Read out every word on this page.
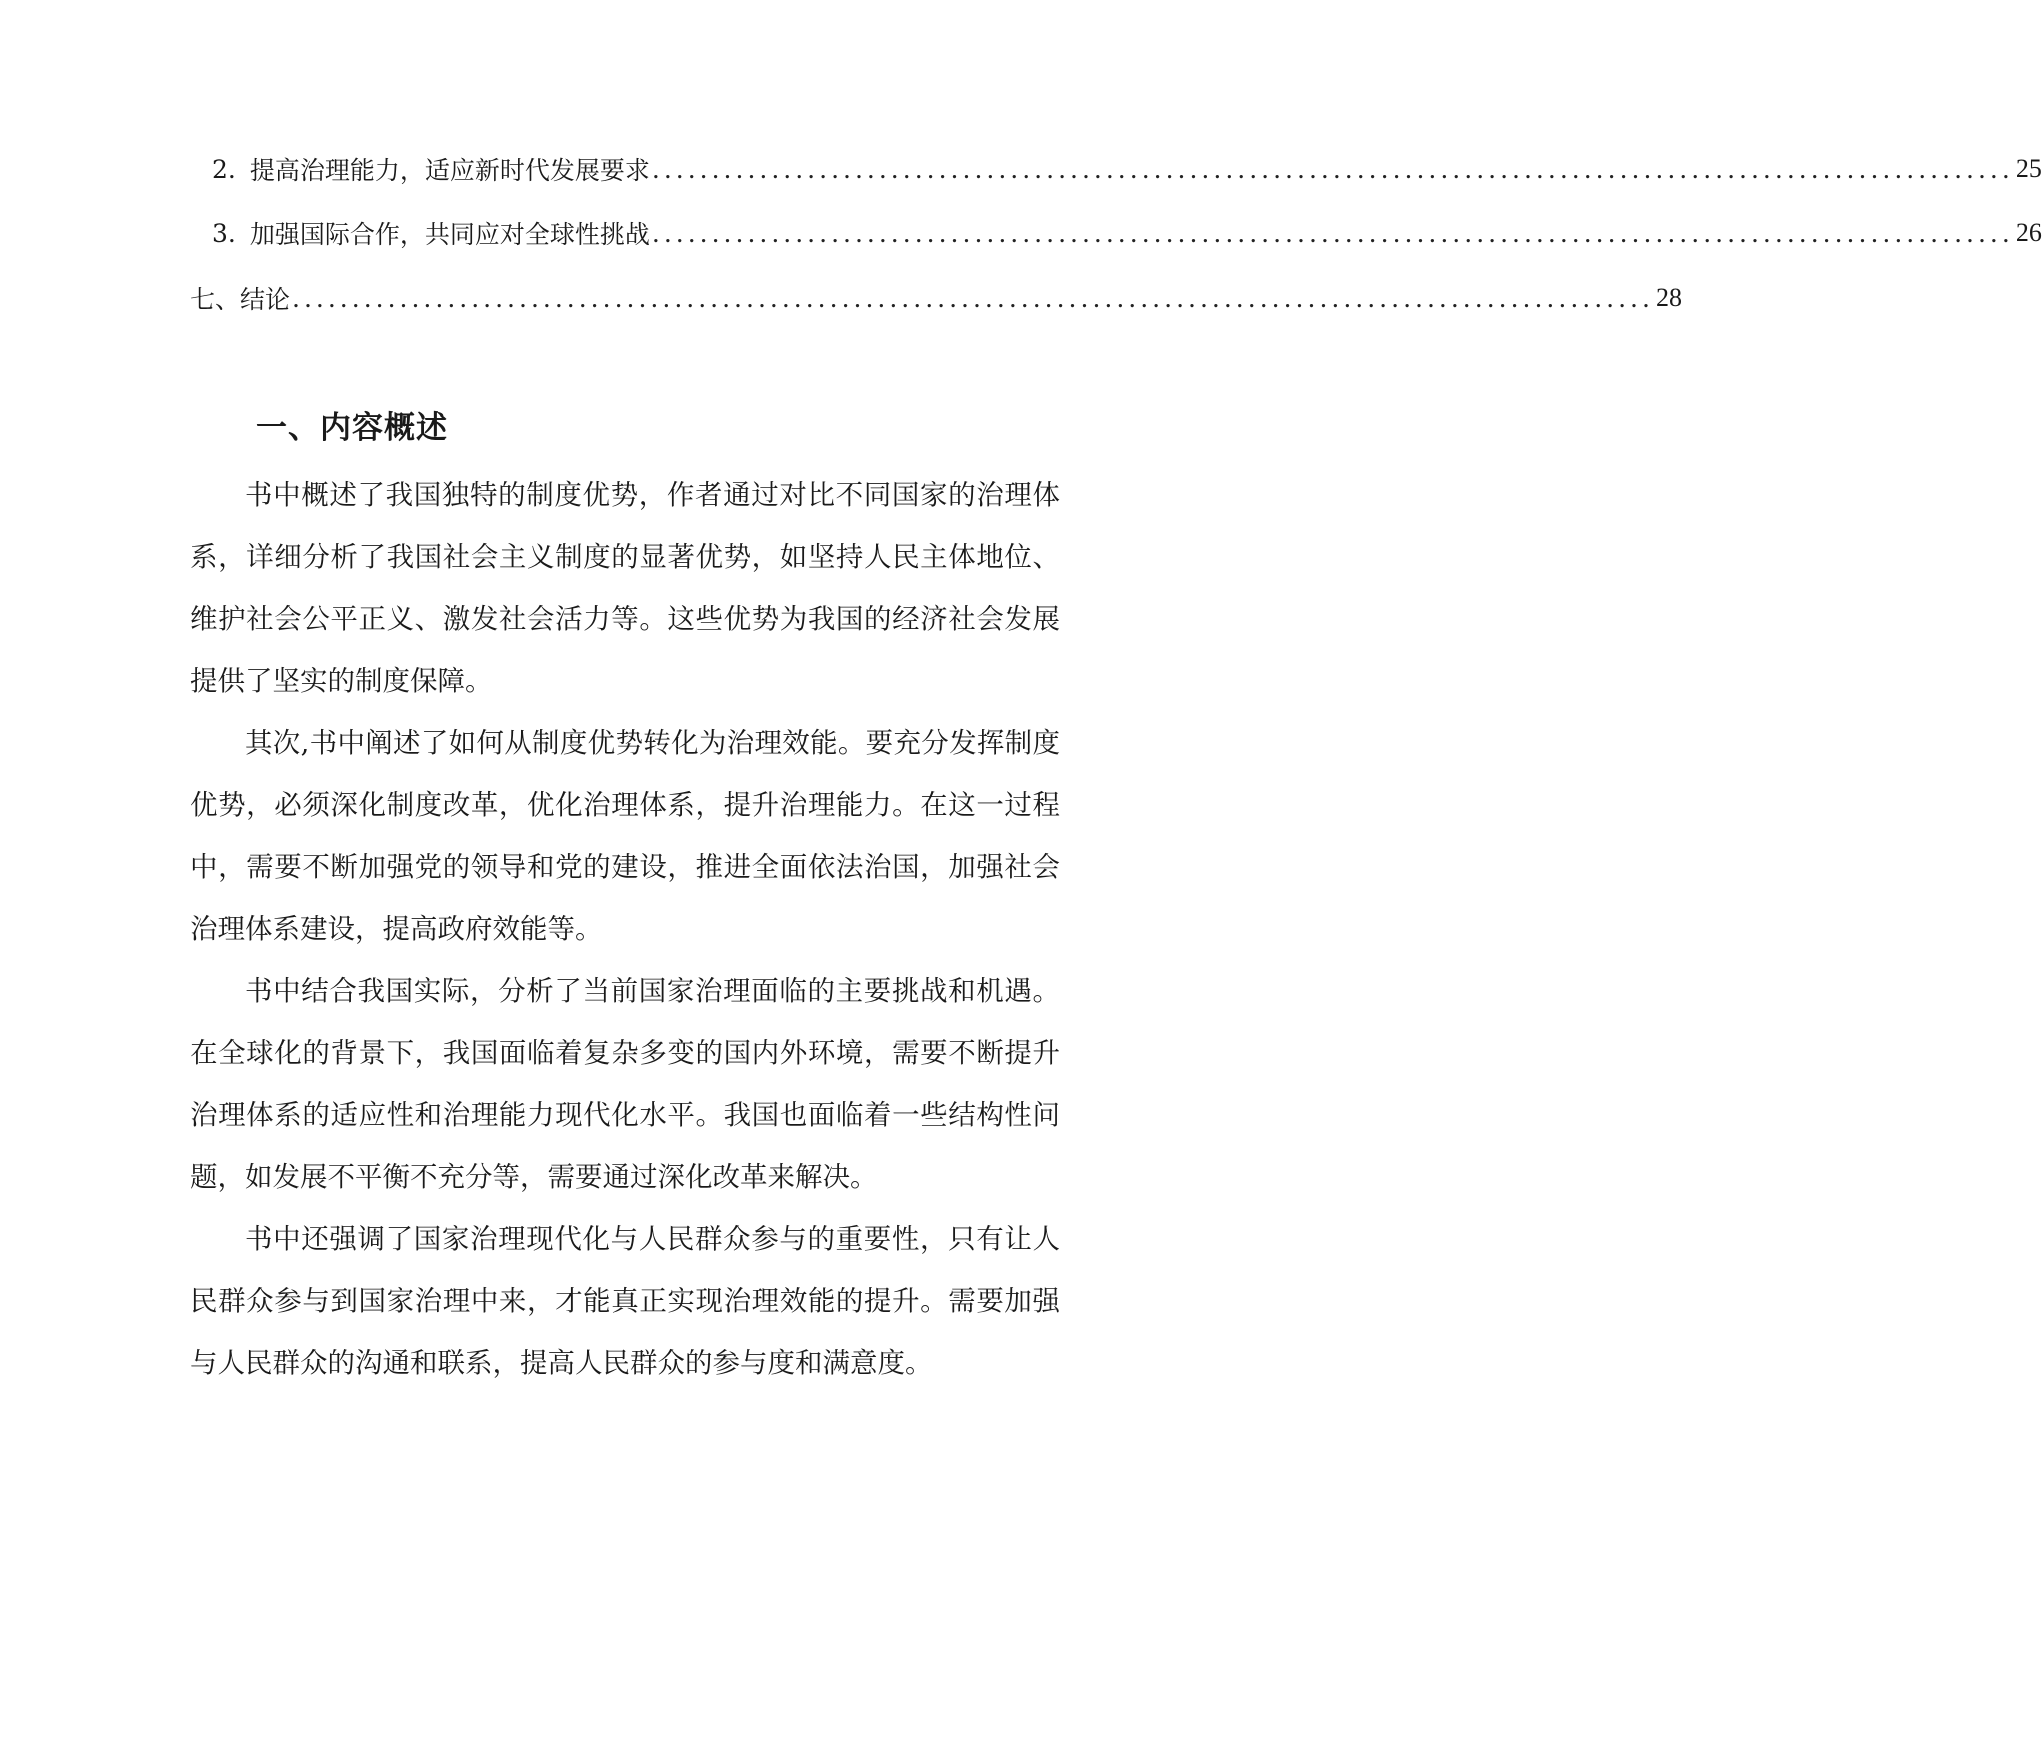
2. 提高治理能力，适应新时代发展要求 .................................................................................................................. 25
3. 加强国际合作，共同应对全球性挑战 .................................................................................................................. 26
七、结论 .................................................................................................................. 28
一、内容概述

书中概述了我国独特的制度优势，作者通过对比不同国家的治理体系，详细分析了我国社会主义制度的显著优势，如坚持人民主体地位、维护社会公平正义、激发社会活力等。这些优势为我国的经济社会发展提供了坚实的制度保障。

其次,书中阐述了如何从制度优势转化为治理效能。要充分发挥制度优势，必须深化制度改革，优化治理体系，提升治理能力。在这一过程中，需要不断加强党的领导和党的建设，推进全面依法治国，加强社会治理体系建设，提高政府效能等。

书中结合我国实际，分析了当前国家治理面临的主要挑战和机遇。在全球化的背景下，我国面临着复杂多变的国内外环境，需要不断提升治理体系的适应性和治理能力现代化水平。我国也面临着一些结构性问题，如发展不平衡不充分等，需要通过深化改革来解决。

书中还强调了国家治理现代化与人民群众参与的重要性，只有让人民群众参与到国家治理中来，才能真正实现治理效能的提升。需要加强与人民群众的沟通和联系，提高人民群众的参与度和满意度。
